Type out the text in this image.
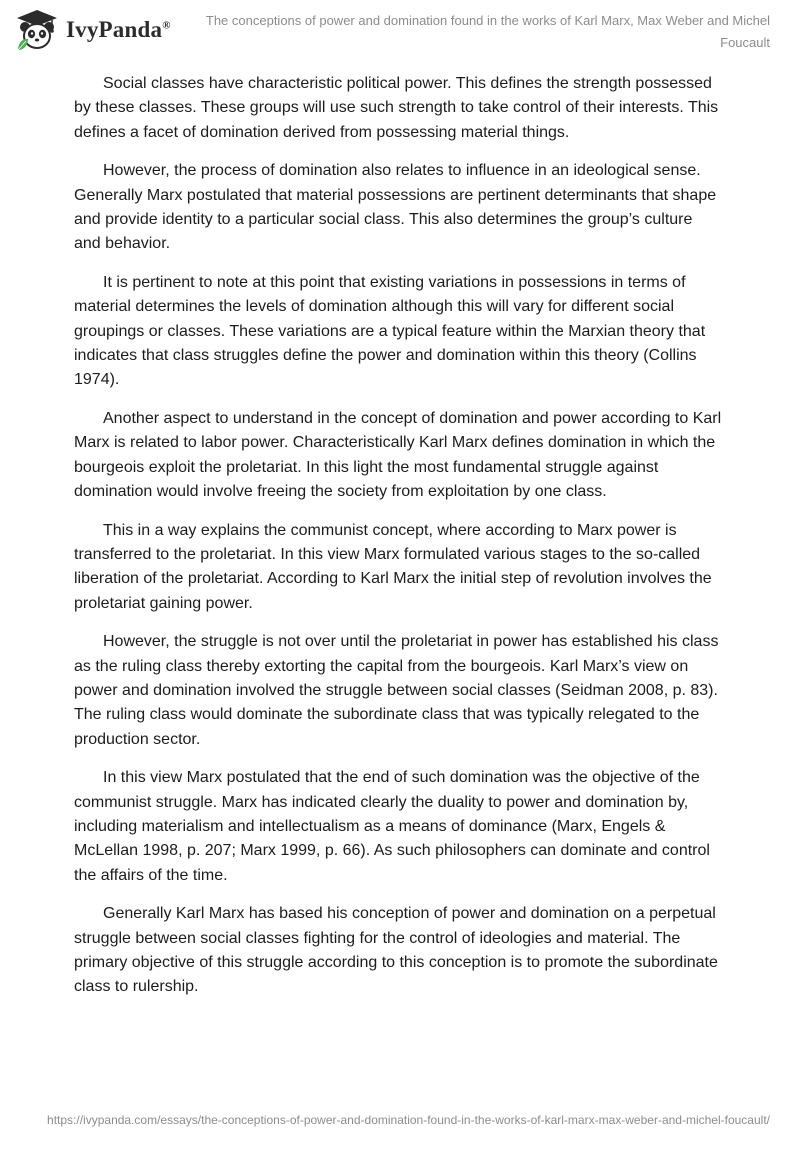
IvyPanda®	The conceptions of power and domination found in the works of Karl Marx, Max Weber and Michel Foucault

Social classes have characteristic political power. This defines the strength possessed by these classes. These groups will use such strength to take control of their interests. This defines a facet of domination derived from possessing material things.

However, the process of domination also relates to influence in an ideological sense. Generally Marx postulated that material possessions are pertinent determinants that shape and provide identity to a particular social class. This also determines the group’s culture and behavior.

It is pertinent to note at this point that existing variations in possessions in terms of material determines the levels of domination although this will vary for different social groupings or classes. These variations are a typical feature within the Marxian theory that indicates that class struggles define the power and domination within this theory (Collins 1974).

Another aspect to understand in the concept of domination and power according to Karl Marx is related to labor power. Characteristically Karl Marx defines domination in which the bourgeois exploit the proletariat. In this light the most fundamental struggle against domination would involve freeing the society from exploitation by one class.

This in a way explains the communist concept, where according to Marx power is transferred to the proletariat. In this view Marx formulated various stages to the so-called liberation of the proletariat. According to Karl Marx the initial step of revolution involves the proletariat gaining power.

However, the struggle is not over until the proletariat in power has established his class as the ruling class thereby extorting the capital from the bourgeois. Karl Marx’s view on power and domination involved the struggle between social classes (Seidman 2008, p. 83). The ruling class would dominate the subordinate class that was typically relegated to the production sector.

In this view Marx postulated that the end of such domination was the objective of the communist struggle. Marx has indicated clearly the duality to power and domination by, including materialism and intellectualism as a means of dominance (Marx, Engels & McLellan 1998, p. 207; Marx 1999, p. 66). As such philosophers can dominate and control the affairs of the time.

Generally Karl Marx has based his conception of power and domination on a perpetual struggle between social classes fighting for the control of ideologies and material. The primary objective of this struggle according to this conception is to promote the subordinate class to rulership.

https://ivypanda.com/essays/the-conceptions-of-power-and-domination-found-in-the-works-of-karl-marx-max-weber-and-michel-foucault/
